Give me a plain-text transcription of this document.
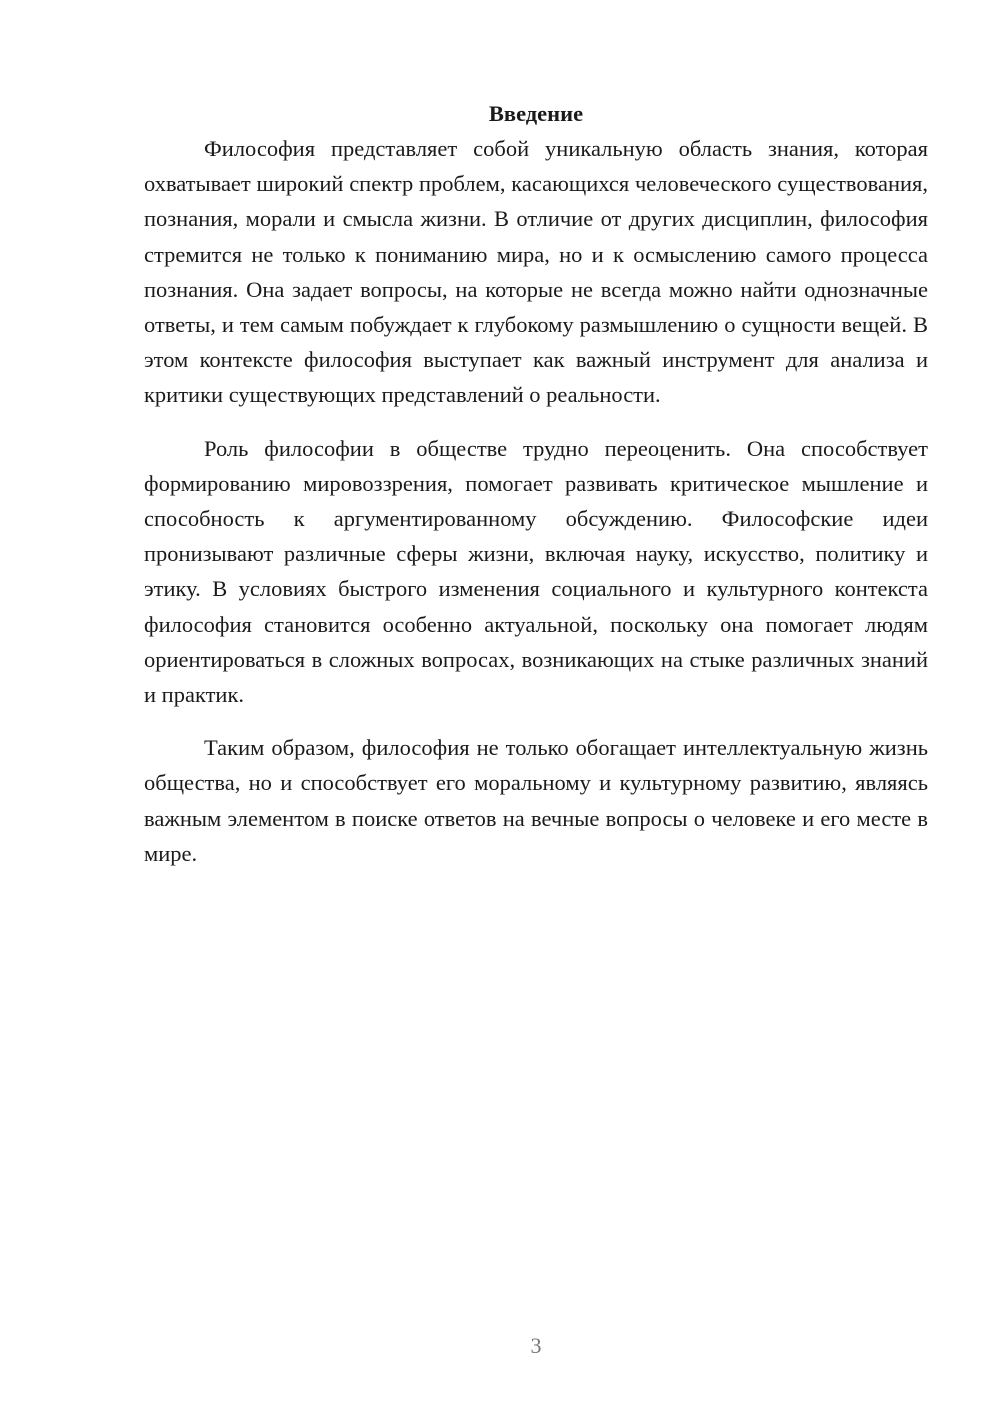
Введение

Философия представляет собой уникальную область знания, которая охватывает широкий спектр проблем, касающихся человеческого существования, познания, морали и смысла жизни. В отличие от других дисциплин, философия стремится не только к пониманию мира, но и к осмыслению самого процесса познания. Она задает вопросы, на которые не всегда можно найти однозначные ответы, и тем самым побуждает к глубокому размышлению о сущности вещей. В этом контексте философия выступает как важный инструмент для анализа и критики существующих представлений о реальности.

Роль философии в обществе трудно переоценить. Она способствует формированию мировоззрения, помогает развивать критическое мышление и способность к аргументированному обсуждению. Философские идеи пронизывают различные сферы жизни, включая науку, искусство, политику и этику. В условиях быстрого изменения социального и культурного контекста философия становится особенно актуальной, поскольку она помогает людям ориентироваться в сложных вопросах, возникающих на стыке различных знаний и практик.

Таким образом, философия не только обогащает интеллектуальную жизнь общества, но и способствует его моральному и культурному развитию, являясь важным элементом в поиске ответов на вечные вопросы о человеке и его месте в мире.

3
